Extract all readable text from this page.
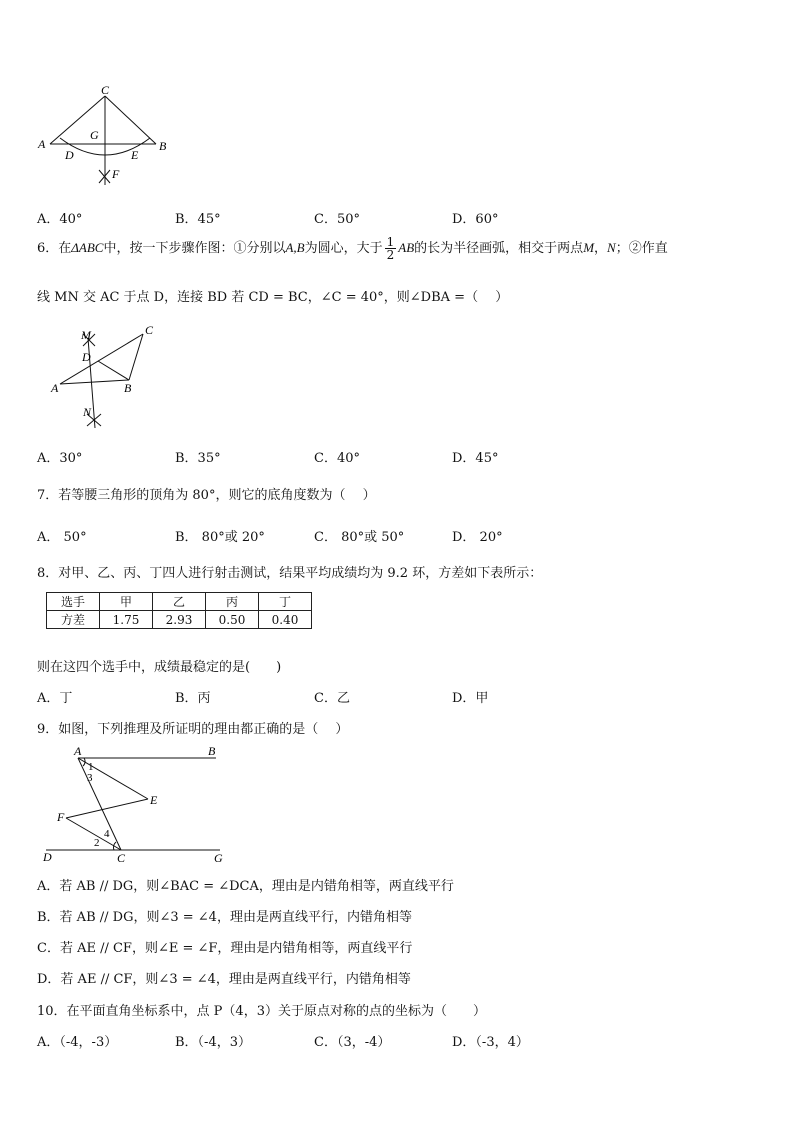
C
A	B
G
D	E
F
A．40°	B．45°	C．50°	D．60°
6．在ΔABC中，按一下步骤作图：①分别以A,B为圆心，大于 $\frac{1}{2}$ AB的长为半径画弧，相交于两点M，N；②作直
线 MN 交 AC 于点 D，连接 BD 若 CD = BC，∠C = 40°，则∠DBA =（　 ）
M	C
D
A	B
N
A．30°	B．35°	C．40°	D．45°
7．若等腰三角形的顶角为 80°，则它的底角度数为（　 ）
A． 50°	B． 80°或 20°	C． 80°或 50°	D． 20°
8．对甲、乙、丙、丁四人进行射击测试，结果平均成绩均为 9.2 环，方差如下表所示：
选手	甲	乙	丙	丁
方差	1.75	2.93	0.50	0.40
则在这四个选手中，成绩最稳定的是(　　)
A．丁	B．丙	C．乙	D．甲
9．如图，下列推理及所证明的理由都正确的是（　 ）
A	B
E
F
D	C	G
1
3
2
4
A．若 AB // DG，则∠BAC = ∠DCA，理由是内错角相等，两直线平行
B．若 AB // DG，则∠3 = ∠4，理由是两直线平行，内错角相等
C．若 AE // CF，则∠E = ∠F，理由是内错角相等，两直线平行
D．若 AE // CF，则∠3 = ∠4，理由是两直线平行，内错角相等
10．在平面直角坐标系中，点 P（4，3）关于原点对称的点的坐标为（　　）
A．（-4，-3）	B．（-4，3）	C．（3，-4）	D．（-3，4）
